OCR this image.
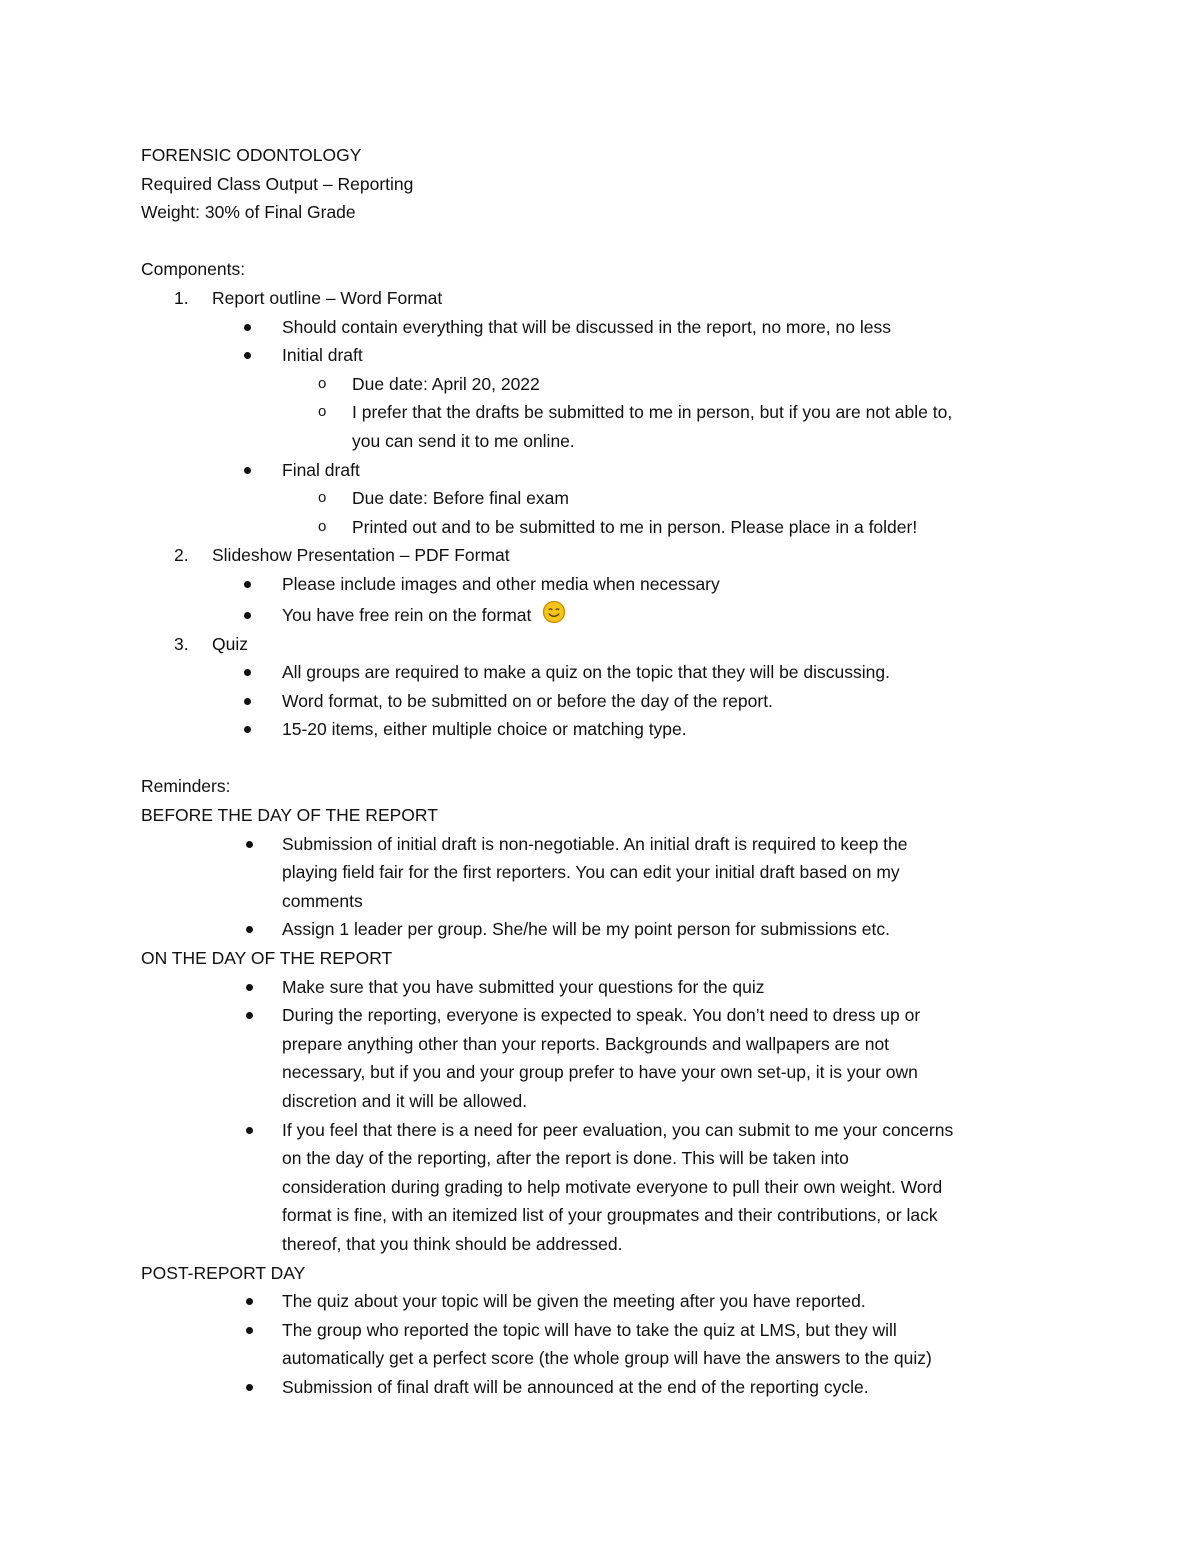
FORENSIC ODONTOLOGY
Required Class Output – Reporting
Weight: 30% of Final Grade
Components:
1. Report outline – Word Format
Should contain everything that will be discussed in the report, no more, no less
Initial draft
o Due date: April 20, 2022
o I prefer that the drafts be submitted to me in person, but if you are not able to,
you can send it to me online.
Final draft
o Due date: Before final exam
o Printed out and to be submitted to me in person. Please place in a folder!
2. Slideshow Presentation – PDF Format
Please include images and other media when necessary
You have free rein on the format
3. Quiz
All groups are required to make a quiz on the topic that they will be discussing.
Word format, to be submitted on or before the day of the report.
15-20 items, either multiple choice or matching type.
Reminders:
BEFORE THE DAY OF THE REPORT
Submission of initial draft is non-negotiable. An initial draft is required to keep the
playing field fair for the first reporters. You can edit your initial draft based on my
comments
Assign 1 leader per group. She/he will be my point person for submissions etc.
ON THE DAY OF THE REPORT
Make sure that you have submitted your questions for the quiz
During the reporting, everyone is expected to speak. You don’t need to dress up or
prepare anything other than your reports. Backgrounds and wallpapers are not
necessary, but if you and your group prefer to have your own set-up, it is your own
discretion and it will be allowed.
If you feel that there is a need for peer evaluation, you can submit to me your concerns
on the day of the reporting, after the report is done. This will be taken into
consideration during grading to help motivate everyone to pull their own weight. Word
format is fine, with an itemized list of your groupmates and their contributions, or lack
thereof, that you think should be addressed.
POST-REPORT DAY
The quiz about your topic will be given the meeting after you have reported.
The group who reported the topic will have to take the quiz at LMS, but they will
automatically get a perfect score (the whole group will have the answers to the quiz)
Submission of final draft will be announced at the end of the reporting cycle.
